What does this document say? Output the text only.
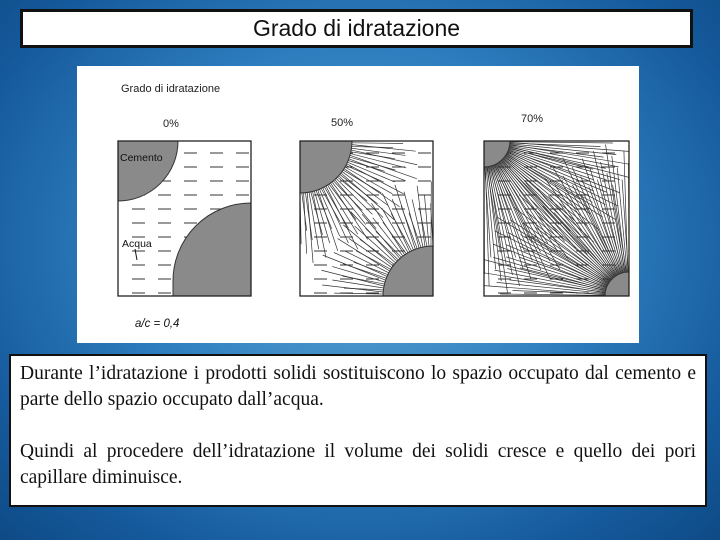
Grado di idratazione
Grado di idratazione
0%	50%	70%
Cemento
Acqua
a/c = 0,4

Durante l’idratazione i prodotti solidi sostituiscono lo spazio occupato dal cemento e parte dello spazio occupato dall’acqua.

Quindi al procedere dell’idratazione il volume dei solidi cresce e quello dei pori capillare diminuisce.
